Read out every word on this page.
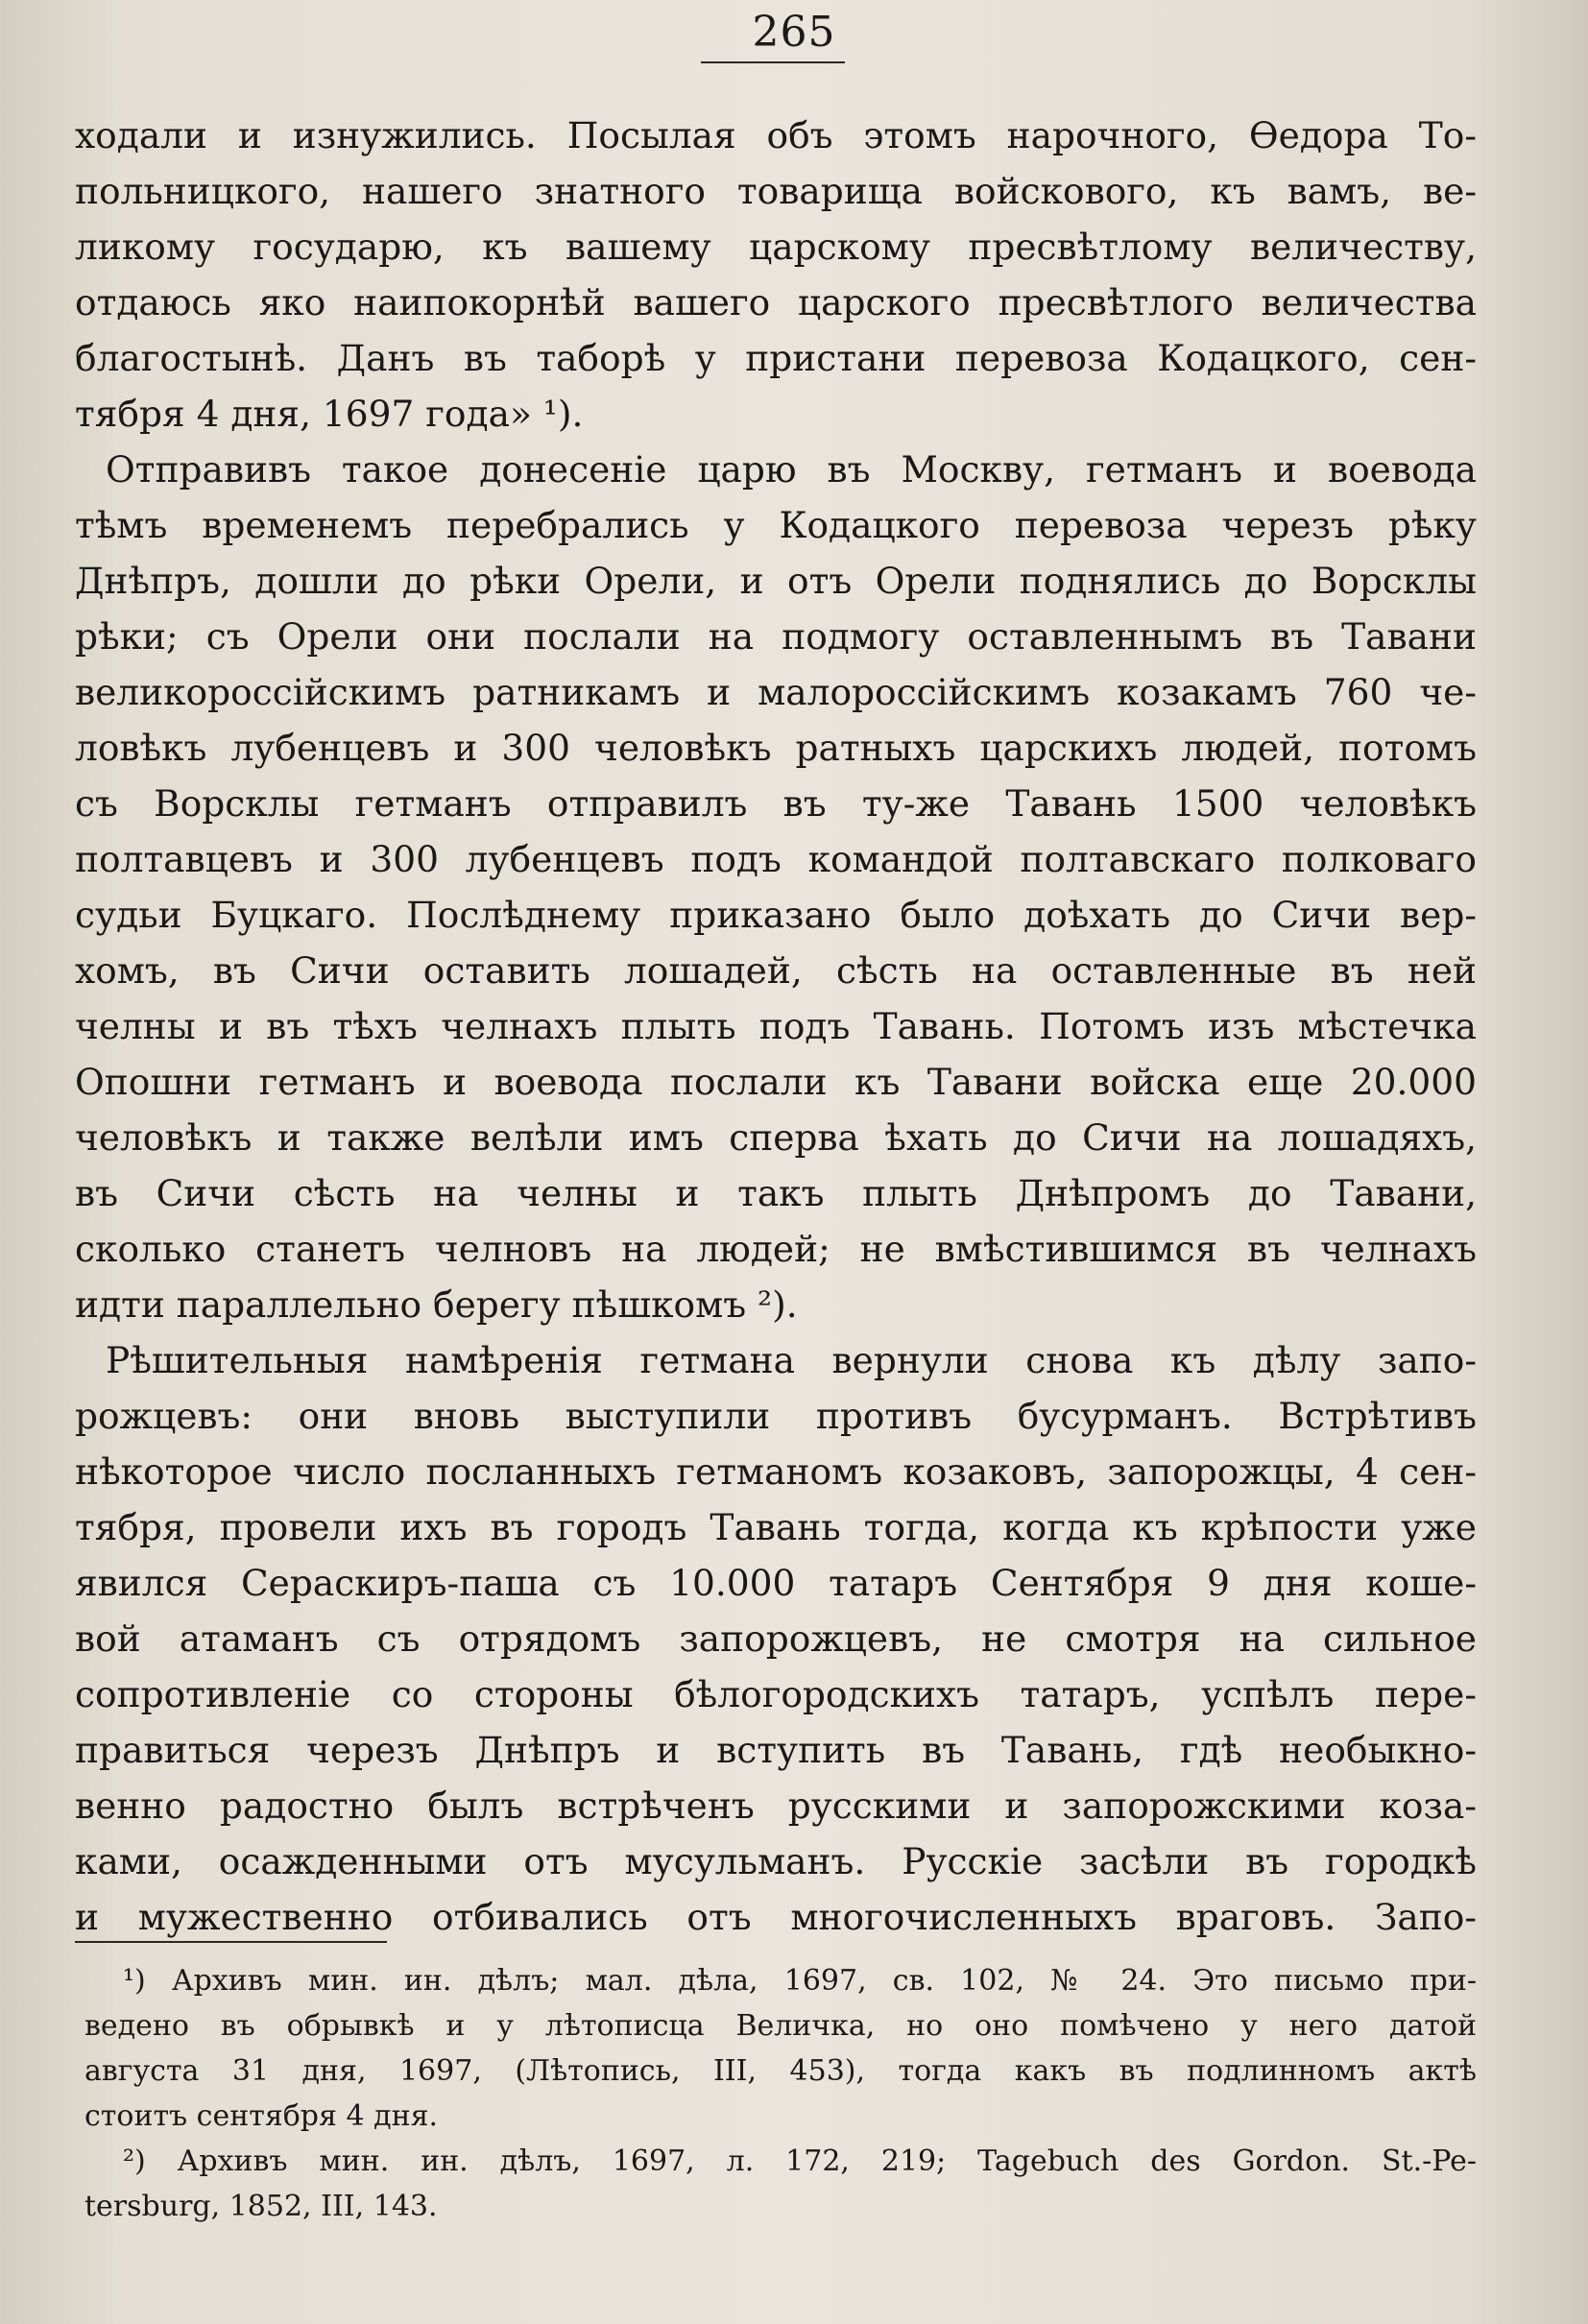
265
ходали и изнужились. Посылая объ этомъ нарочного, Ѳедора То-
польницкого, нашего знатного товарища войскового, къ вамъ, ве-
ликому государю, къ вашему царскому пресвѣтлому величеству,
отдаюсь яко наипокорнѣй вашего царского пресвѣтлого величества
благостынѣ. Данъ въ таборѣ у пристани перевоза Кодацкого, сен-
тября 4 дня, 1697 года» ¹).
Отправивъ такое донесеніе царю въ Москву, гетманъ и воевода
тѣмъ временемъ перебрались у Кодацкого перевоза черезъ рѣку
Днѣпръ, дошли до рѣки Орели, и отъ Орели поднялись до Ворсклы
рѣки; съ Орели они послали на подмогу оставленнымъ въ Тавани
великороссійскимъ ратникамъ и малороссійскимъ козакамъ 760 че-
ловѣкъ лубенцевъ и 300 человѣкъ ратныхъ царскихъ людей, потомъ
съ Ворсклы гетманъ отправилъ въ ту-же Тавань 1500 человѣкъ
полтавцевъ и 300 лубенцевъ подъ командой полтавскаго полковаго
судьи Буцкаго. Послѣднему приказано было доѣхать до Сичи вер-
хомъ, въ Сичи оставить лошадей, сѣсть на оставленные въ ней
челны и въ тѣхъ челнахъ плыть подъ Тавань. Потомъ изъ мѣстечка
Опошни гетманъ и воевода послали къ Тавани войска еще 20.000
человѣкъ и также велѣли имъ сперва ѣхать до Сичи на лошадяхъ,
въ Сичи сѣсть на челны и такъ плыть Днѣпромъ до Тавани,
сколько станетъ челновъ на людей; не вмѣстившимся въ челнахъ
идти параллельно берегу пѣшкомъ ²).
Рѣшительныя намѣренія гетмана вернули снова къ дѣлу запо-
рожцевъ: они вновь выступили противъ бусурманъ. Встрѣтивъ
нѣкоторое число посланныхъ гетманомъ козаковъ, запорожцы, 4 сен-
тября, провели ихъ въ городъ Тавань тогда, когда къ крѣпости уже
явился Сераскиръ-паша съ 10.000 татаръ Сентября 9 дня коше-
вой атаманъ съ отрядомъ запорожцевъ, не смотря на сильное
сопротивленіе со стороны бѣлогородскихъ татаръ, успѣлъ пере-
правиться черезъ Днѣпръ и вступить въ Тавань, гдѣ необыкно-
венно радостно былъ встрѣченъ русскими и запорожскими коза-
ками, осажденными отъ мусульманъ. Русскіе засѣли въ городкѣ
и мужественно отбивались отъ многочисленныхъ враговъ. Запо-
¹) Архивъ мин. ин. дѣлъ; мал. дѣла, 1697, св. 102, № 24. Это письмо при-
ведено въ обрывкѣ и у лѣтописца Величка, но оно помѣчено у него датой
августа 31 дня, 1697, (Лѣтопись, III, 453), тогда какъ въ подлинномъ актѣ
стоитъ сентября 4 дня.
²) Архивъ мин. ин. дѣлъ, 1697, л. 172, 219; Tagebuch des Gordon. St.-Pe-
tersburg, 1852, III, 143.
